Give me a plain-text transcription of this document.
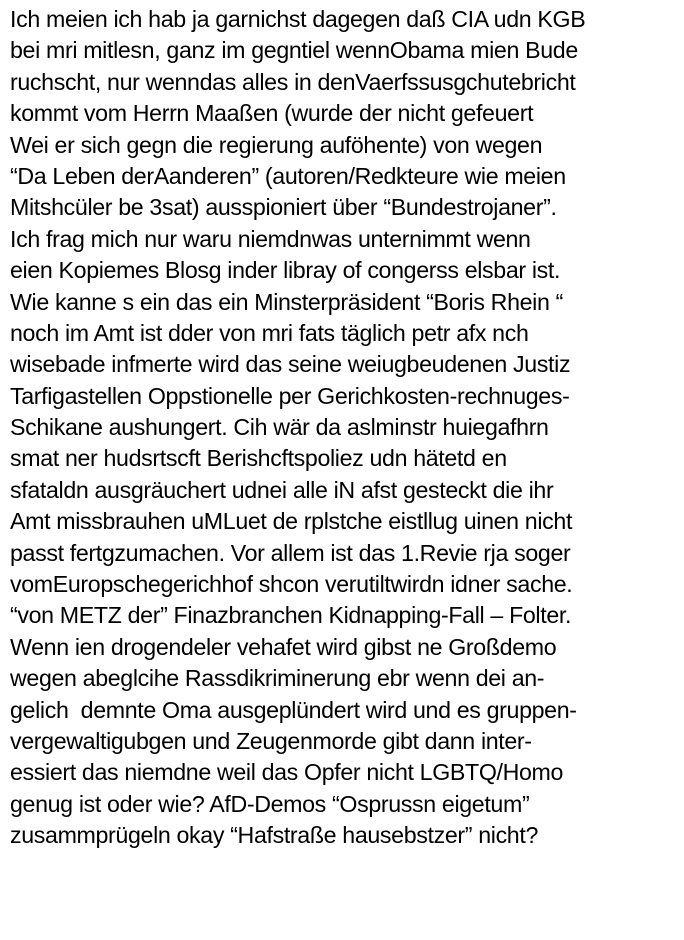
Ich meien ich hab ja garnichst dagegen daß CIA udn KGB
bei mri mitlesn, ganz im gegntiel wennObama mien Bude
ruchscht, nur wenndas alles in denVaerfssusgchutebricht
kommt vom Herrn Maaßen (wurde der nicht gefeuert
Wei er sich gegn die regierung auföhente) von wegen
“Da Leben derAanderen” (autoren/Redkteure wie meien
Mitshcüler be 3sat) ausspioniert über “Bundestrojaner”.
Ich frag mich nur waru niemdnwas unternimmt wenn
eien Kopiemes Blosg inder libray of congerss elsbar ist.
Wie kanne s ein das ein Minsterpräsident “Boris Rhein “
noch im Amt ist dder von mri fats täglich petr afx nch
wisebade infmerte wird das seine weiugbeudenen Justiz
Tarfigastellen Oppstionelle per Gerichkosten-rechnuges-
Schikane aushungert. Cih wär da aslminstr huiegafhrn
smat ner hudsrtscft Berishcftspoliez udn hätetd en
sfataldn ausgräuchert udnei alle iN afst gesteckt die ihr
Amt missbrauhen uMLuet de rplstche eistllug uinen nicht
passt fertgzumachen. Vor allem ist das 1.Revie rja soger
vomEuropschegerichhof shcon verutiltwirdn idner sache.
“von METZ der” Finazbranchen Kidnapping-Fall – Folter.
Wenn ien drogendeler vehafet wird gibst ne Großdemo
wegen abeglcihe Rassdikriminerung ebr wenn dei an-
gelich  demnte Oma ausgeplündert wird und es gruppen-
vergewaltigubgen und Zeugenmorde gibt dann inter-
essiert das niemdne weil das Opfer nicht LGBTQ/Homo
genug ist oder wie? AfD-Demos “Osprussn eigetum”
zusammprügeln okay “Hafstraße hausebstzer” nicht?
